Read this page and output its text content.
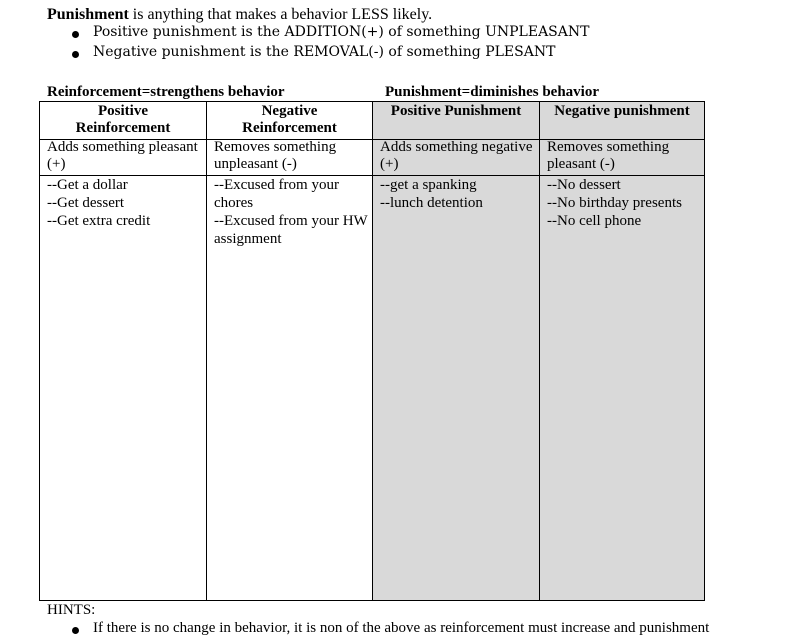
Punishment is anything that makes a behavior LESS likely.
Positive punishment is the ADDITION(+) of something UNPLEASANT
Negative punishment is the REMOVAL(-) of something PLESANT
Reinforcement=strengthens behavior	Punishment=diminishes behavior
Positive
Reinforcement
Adds something pleasant (+)
--Get a dollar
--Get dessert
--Get extra credit
Negative
Reinforcement
Removes something unpleasant (-)
--Excused from your chores
--Excused from your HW assignment
Positive Punishment
Adds something negative (+)
--get a spanking
--lunch detention
Negative punishment
Removes something pleasant (-)
--No dessert
--No birthday presents
--No cell phone
HINTS:
If there is no change in behavior, it is non of the above as reinforcement must increase and punishment
